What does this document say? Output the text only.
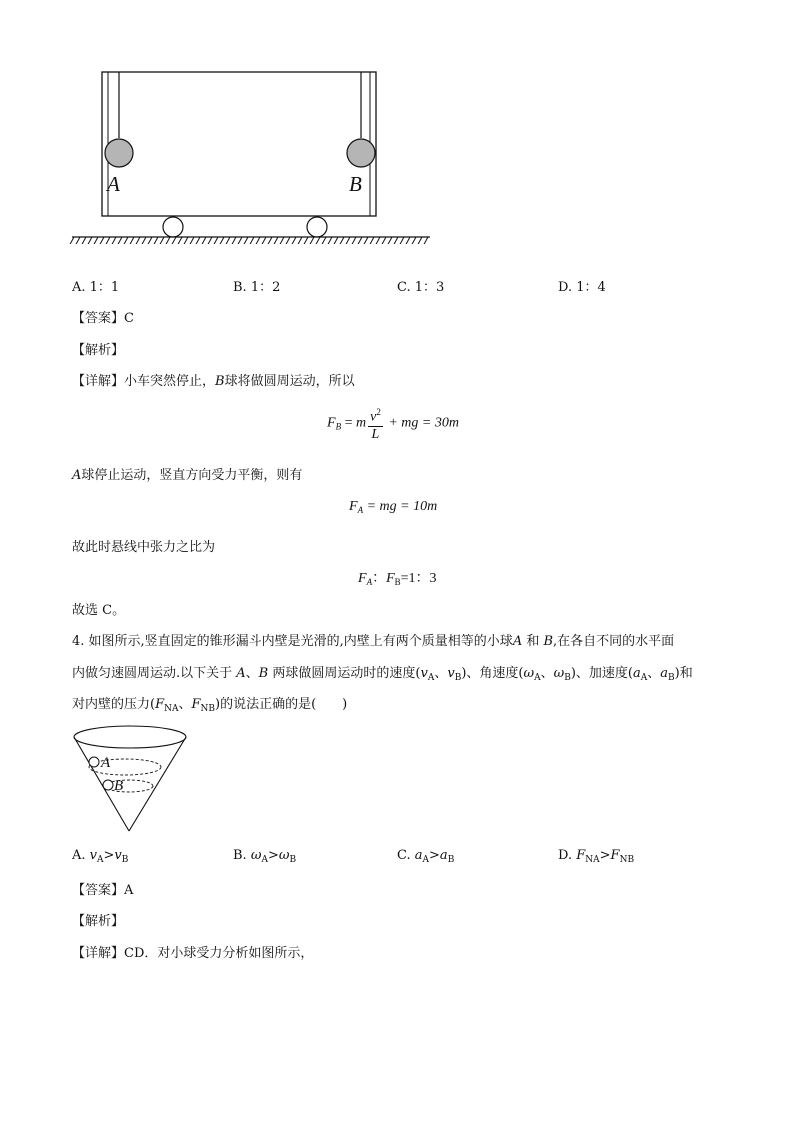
A	B
A. 1：1	B. 1：2	C. 1：3	D. 1：4
【答案】C
【解析】
【详解】小车突然停止，B球将做圆周运动，所以
$F_B = m \frac{v^2}{L}$ + mg = 30m
A球停止运动，竖直方向受力平衡，则有
$F_A$ = mg = 10m
故此时悬线中张力之比为
$F_A$：$F_B=1$：3
故选 C。
4. 如图所示,竖直固定的锥形漏斗内壁是光滑的,内壁上有两个质量相等的小球A 和 B,在各自不同的水平面
内做匀速圆周运动.以下关于 A、B 两球做圆周运动时的速度($v_A$、$v_B$)、角速度($\omega_A$、$\omega_B$)、加速度($a_A$、$a_B$)和
对内壁的压力($F_{NA}$、$F_{NB}$)的说法正确的是(　　)
A
B
A. $v_A>v_B$	B. $\omega_A>\omega_B$	C. $a_A>a_B$	D. $F_{NA}>F_{NB}$
【答案】A
【解析】
【详解】CD．对小球受力分析如图所示，
